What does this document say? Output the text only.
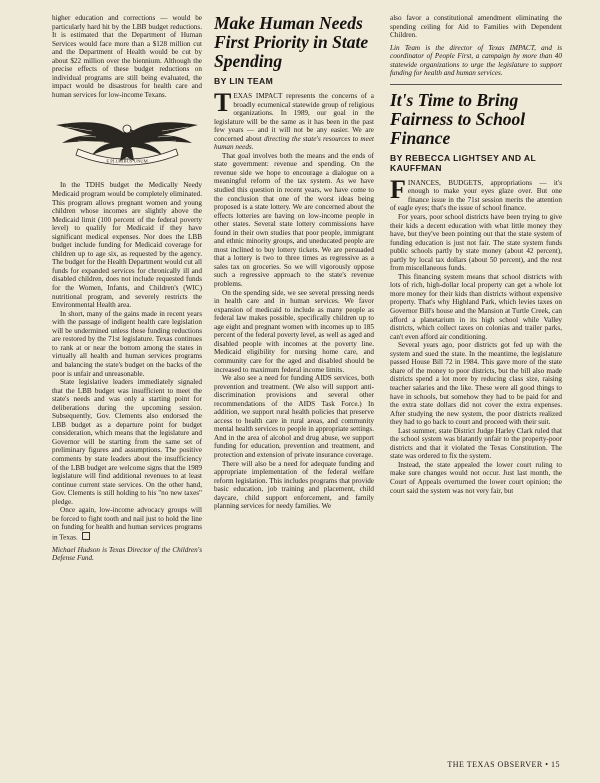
higher education and corrections — would be particularly hard hit by the LBB budget reductions. It is estimated that the Department of Human Services would face more than a $128 million cut and the Department of Health would be cut by about $22 million over the biennium. Although the precise effects of these budget reductions on individual programs are still being evaluated, the impact would be disastrous for health care and human services for low-income Texans.

E PLURIBUS UNUM

In the TDHS budget the Medically Needy Medicaid program would be completely eliminated. This program allows pregnant women and young children whose incomes are slightly above the Medicaid limit (100 percent of the federal poverty level) to qualify for Medicaid if they have significant medical expenses. Nor does the LBB budget include funding for Medicaid coverage for children up to age six, as requested by the agency. The budget for the Health Department would cut all funds for expanded services for chronically ill and disabled children, does not include requested funds for the Women, Infants, and Children's (WIC) nutritional program, and severely restricts the Environmental Health area.

In short, many of the gains made in recent years with the passage of indigent health care legislation will be undermined unless these funding reductions are restored by the 71st legislature. Texas continues to rank at or near the bottom among the states in virtually all health and human services programs and balancing the state's budget on the backs of the poor is unfair and unreasonable.

State legislative leaders immediately signaled that the LBB budget was insufficient to meet the state's needs and was only a starting point for deliberations during the upcoming session. Subsequently, Gov. Clements also endorsed the LBB budget as a departure point for budget consideration, which means that the legislature and Governor will be starting from the same set of preliminary figures and assumptions. The positive comments by state leaders about the insufficiency of the LBB budget are welcome signs that the 1989 legislature will find additional revenues to at least continue current state services. On the other hand, Gov. Clements is still holding to his "no new taxes" pledge.

Once again, low-income advocacy groups will be forced to fight tooth and nail just to hold the line on funding for health and human services programs in Texas.

Michael Hudson is Texas Director of the Children's Defense Fund.

Make Human Needs First Priority in State Spending
BY LIN TEAM

TEXAS IMPACT represents the concerns of a broadly ecumenical statewide group of religious organizations. In 1989, our goal in the legislature will be the same as it has been in the past few years — and it will not be any easier. We are concerned about directing the state's resources to meet human needs.

That goal involves both the means and the ends of state government: revenue and spending. On the revenue side we hope to encourage a dialogue on a meaningful reform of the tax system. As we have studied this question in recent years, we have come to the conclusion that one of the worst ideas being proposed is a state lottery. We are concerned about the effects lotteries are having on low-income people in other states. Several state lottery commissions have found in their own studies that poor people, immigrant and ethnic minority groups, and uneducated people are most inclined to buy lottery tickets. We are persuaded that a lottery is two to three times as regressive as a sales tax on groceries. So we will vigorously oppose such a regressive approach to the state's revenue problems.

On the spending side, we see several pressing needs in health care and in human services. We favor expansion of medicaid to include as many people as federal law makes possible, specifically children up to age eight and pregnant women with incomes up to 185 percent of the federal poverty level, as well as aged and disabled people with incomes at the poverty line. Medicaid eligibility for nursing home care, and community care for the aged and disabled should be increased to maximum federal income limits.

We also see a need for funding AIDS services, both prevention and treatment. (We also will support anti-discrimination provisions and several other recommendations of the AIDS Task Force.) In addition, we support rural health policies that preserve access to health care in rural areas, and community mental health services to people in appropriate settings. And in the area of alcohol and drug abuse, we support funding for education, prevention and treatment, and protection and extension of private insurance coverage.

There will also be a need for adequate funding and appropriate implementation of the federal welfare reform legislation. This includes programs that provide basic education, job training and placement, child daycare, child support enforcement, and family planning services for needy families. We

also favor a constitutional amendment eliminating the spending ceiling for Aid to Families with Dependent Children.

Lin Team is the director of Texas IMPACT, and is coordinator of People First, a campaign by more than 40 statewide organizations to urge the legislature to support funding for health and human services.

It's Time to Bring Fairness to School Finance
BY REBECCA LIGHTSEY AND AL KAUFFMAN

FINANCES, BUDGETS, appropriations — it's enough to make your eyes glaze over. But one finance issue in the 71st session merits the attention of eagle eyes; that's the issue of school finance.

For years, poor school districts have been trying to give their kids a decent education with what little money they have, but they've been pointing out that the state system of funding education is just not fair. The state system funds public schools partly by state money (about 42 percent), partly by local tax dollars (about 50 percent), and the rest from miscellaneous funds.

This financing system means that school districts with lots of rich, high-dollar local property can get a whole lot more money for their kids than districts without expensive property. That's why Highland Park, which levies taxes on Governor Bill's house and the Mansion at Turtle Creek, can afford a planetarium in its high school while Valley districts, which collect taxes on colonias and trailer parks, can't even afford air conditioning.

Several years ago, poor districts got fed up with the system and sued the state. In the meantime, the legislature passed House Bill 72 in 1984. This gave more of the state share of the money to poor districts, but the bill also made districts spend a lot more by reducing class size, raising teacher salaries and the like. These were all good things to have in schools, but somehow they had to be paid for and the extra state dollars did not cover the extra expenses. After studying the new system, the poor districts realized they had to go back to court and proceed with their suit.

Last summer, state District Judge Harley Clark ruled that the school system was blatantly unfair to the property-poor districts and that it violated the Texas Constitution. The state was ordered to fix the system.

Instead, the state appealed the lower court ruling to make sure changes would not occur. Just last month, the Court of Appeals overturned the lower court opinion; the court said the system was not very fair, but

THE TEXAS OBSERVER • 15
